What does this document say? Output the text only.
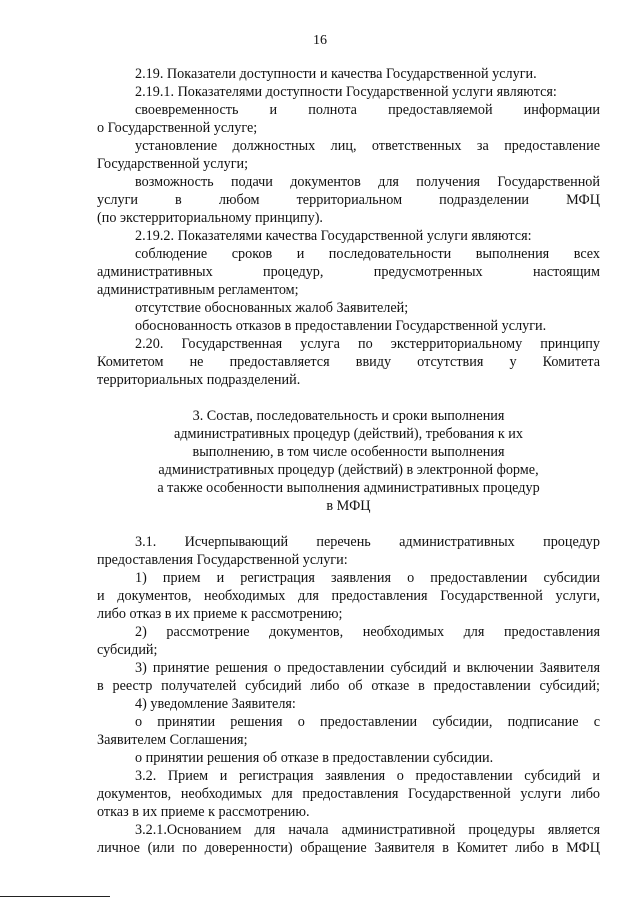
16
2.19. Показатели доступности и качества Государственной услуги.
2.19.1. Показателями доступности Государственной услуги являются:
своевременность и полнота предоставляемой информации
о Государственной услуге;
установление должностных лиц, ответственных за предоставление
Государственной услуги;
возможность подачи документов для получения Государственной
услуги в любом территориальном подразделении МФЦ
(по экстерриториальному принципу).
2.19.2. Показателями качества Государственной услуги являются:
соблюдение сроков и последовательности выполнения всех
административных процедур, предусмотренных настоящим
административным регламентом;
отсутствие обоснованных жалоб Заявителей;
обоснованность отказов в предоставлении Государственной услуги.
2.20. Государственная услуга по экстерриториальному принципу
Комитетом не предоставляется ввиду отсутствия у Комитета
территориальных подразделений.
3. Состав, последовательность и сроки выполнения
административных процедур (действий), требования к их
выполнению, в том числе особенности выполнения
административных процедур (действий) в электронной форме,
а также особенности выполнения административных процедур
в МФЦ
3.1. Исчерпывающий перечень административных процедур
предоставления Государственной услуги:
1) прием и регистрация заявления о предоставлении субсидии
и документов, необходимых для предоставления Государственной услуги,
либо отказ в их приеме к рассмотрению;
2) рассмотрение документов, необходимых для предоставления
субсидий;
3) принятие решения о предоставлении субсидий и включении Заявителя
в реестр получателей субсидий либо об отказе в предоставлении субсидий;
4) уведомление Заявителя:
о принятии решения о предоставлении субсидии, подписание с
Заявителем Соглашения;
о принятии решения об отказе в предоставлении субсидии.
3.2. Прием и регистрация заявления о предоставлении субсидий и
документов, необходимых для предоставления Государственной услуги либо
отказ в их приеме к рассмотрению.
3.2.1.Основанием для начала административной процедуры является
личное (или по доверенности) обращение Заявителя в Комитет либо в МФЦ
